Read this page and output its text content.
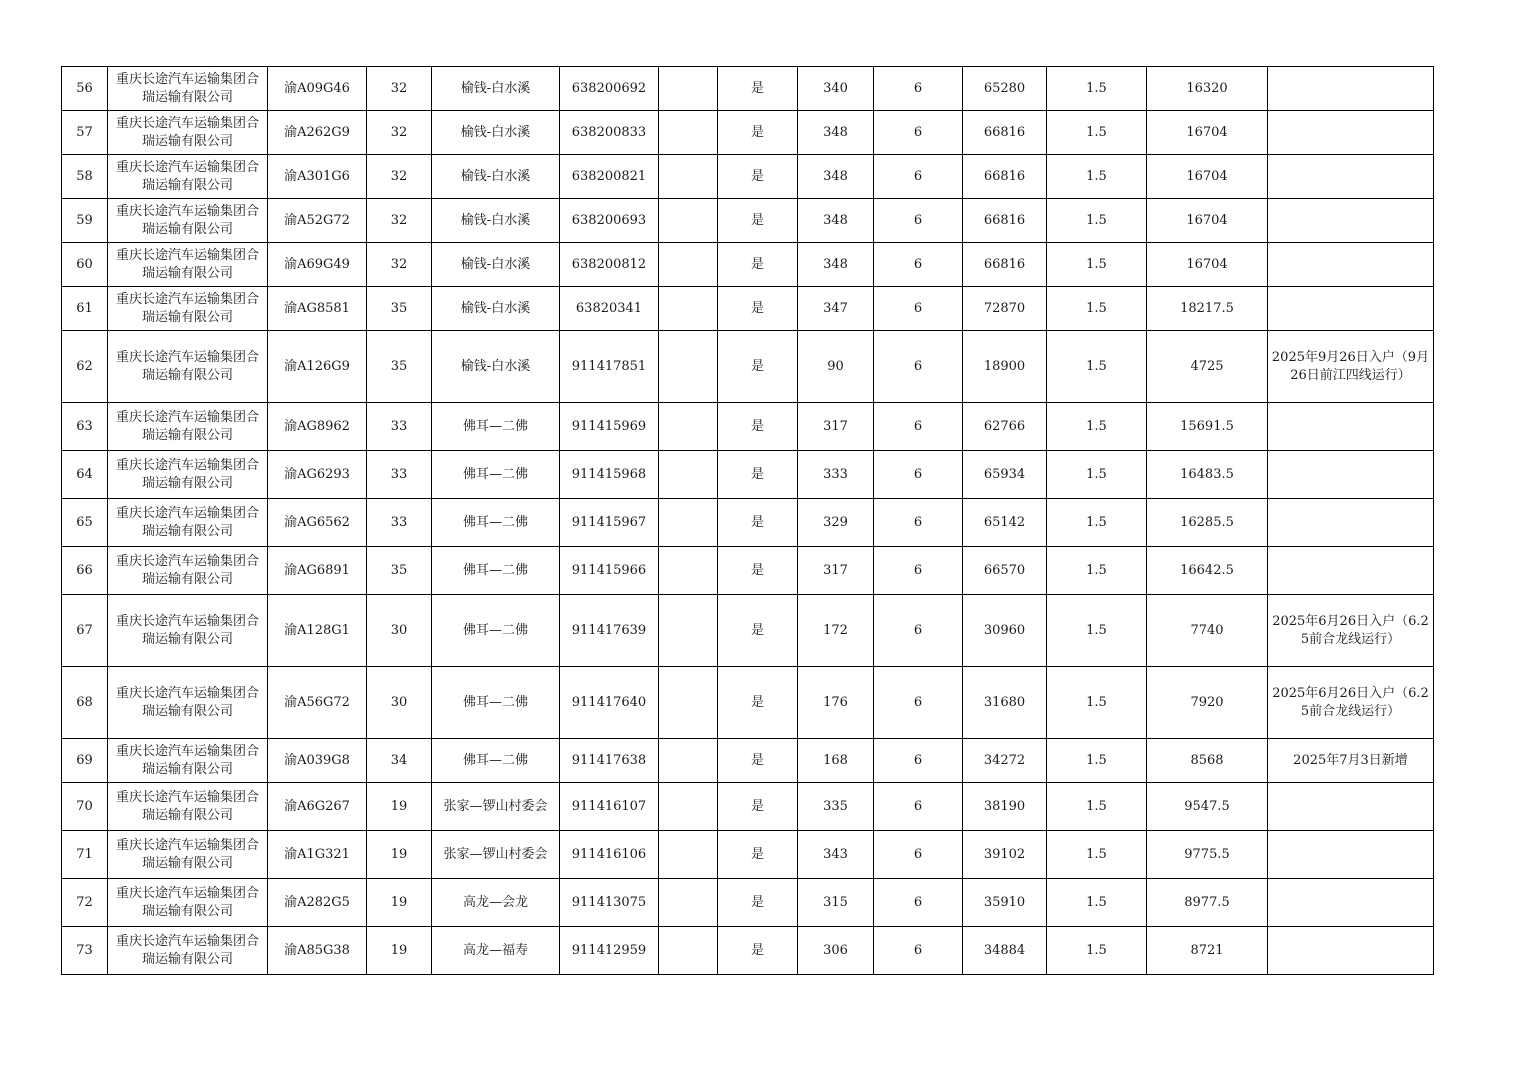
56	重庆长途汽车运输集团合瑞运输有限公司	渝A09G46	32	榆钱-白水溪	638200692		是	340	6	65280	1.5	16320	
57	重庆长途汽车运输集团合瑞运输有限公司	渝A262G9	32	榆钱-白水溪	638200833		是	348	6	66816	1.5	16704	
58	重庆长途汽车运输集团合瑞运输有限公司	渝A301G6	32	榆钱-白水溪	638200821		是	348	6	66816	1.5	16704	
59	重庆长途汽车运输集团合瑞运输有限公司	渝A52G72	32	榆钱-白水溪	638200693		是	348	6	66816	1.5	16704	
60	重庆长途汽车运输集团合瑞运输有限公司	渝A69G49	32	榆钱-白水溪	638200812		是	348	6	66816	1.5	16704	
61	重庆长途汽车运输集团合瑞运输有限公司	渝AG8581	35	榆钱-白水溪	63820341		是	347	6	72870	1.5	18217.5	
62	重庆长途汽车运输集团合瑞运输有限公司	渝A126G9	35	榆钱-白水溪	911417851		是	90	6	18900	1.5	4725	2025年9月26日入户（9月26日前江四线运行）
63	重庆长途汽车运输集团合瑞运输有限公司	渝AG8962	33	佛耳—二佛	911415969		是	317	6	62766	1.5	15691.5	
64	重庆长途汽车运输集团合瑞运输有限公司	渝AG6293	33	佛耳—二佛	911415968		是	333	6	65934	1.5	16483.5	
65	重庆长途汽车运输集团合瑞运输有限公司	渝AG6562	33	佛耳—二佛	911415967		是	329	6	65142	1.5	16285.5	
66	重庆长途汽车运输集团合瑞运输有限公司	渝AG6891	35	佛耳—二佛	911415966		是	317	6	66570	1.5	16642.5	
67	重庆长途汽车运输集团合瑞运输有限公司	渝A128G1	30	佛耳—二佛	911417639		是	172	6	30960	1.5	7740	2025年6月26日入户（6.25前合龙线运行）
68	重庆长途汽车运输集团合瑞运输有限公司	渝A56G72	30	佛耳—二佛	911417640		是	176	6	31680	1.5	7920	2025年6月26日入户（6.25前合龙线运行）
69	重庆长途汽车运输集团合瑞运输有限公司	渝A039G8	34	佛耳—二佛	911417638		是	168	6	34272	1.5	8568	2025年7月3日新增
70	重庆长途汽车运输集团合瑞运输有限公司	渝A6G267	19	张家—锣山村委会	911416107		是	335	6	38190	1.5	9547.5	
71	重庆长途汽车运输集团合瑞运输有限公司	渝A1G321	19	张家—锣山村委会	911416106		是	343	6	39102	1.5	9775.5	
72	重庆长途汽车运输集团合瑞运输有限公司	渝A282G5	19	高龙—会龙	911413075		是	315	6	35910	1.5	8977.5	
73	重庆长途汽车运输集团合瑞运输有限公司	渝A85G38	19	高龙—福寿	911412959		是	306	6	34884	1.5	8721	
